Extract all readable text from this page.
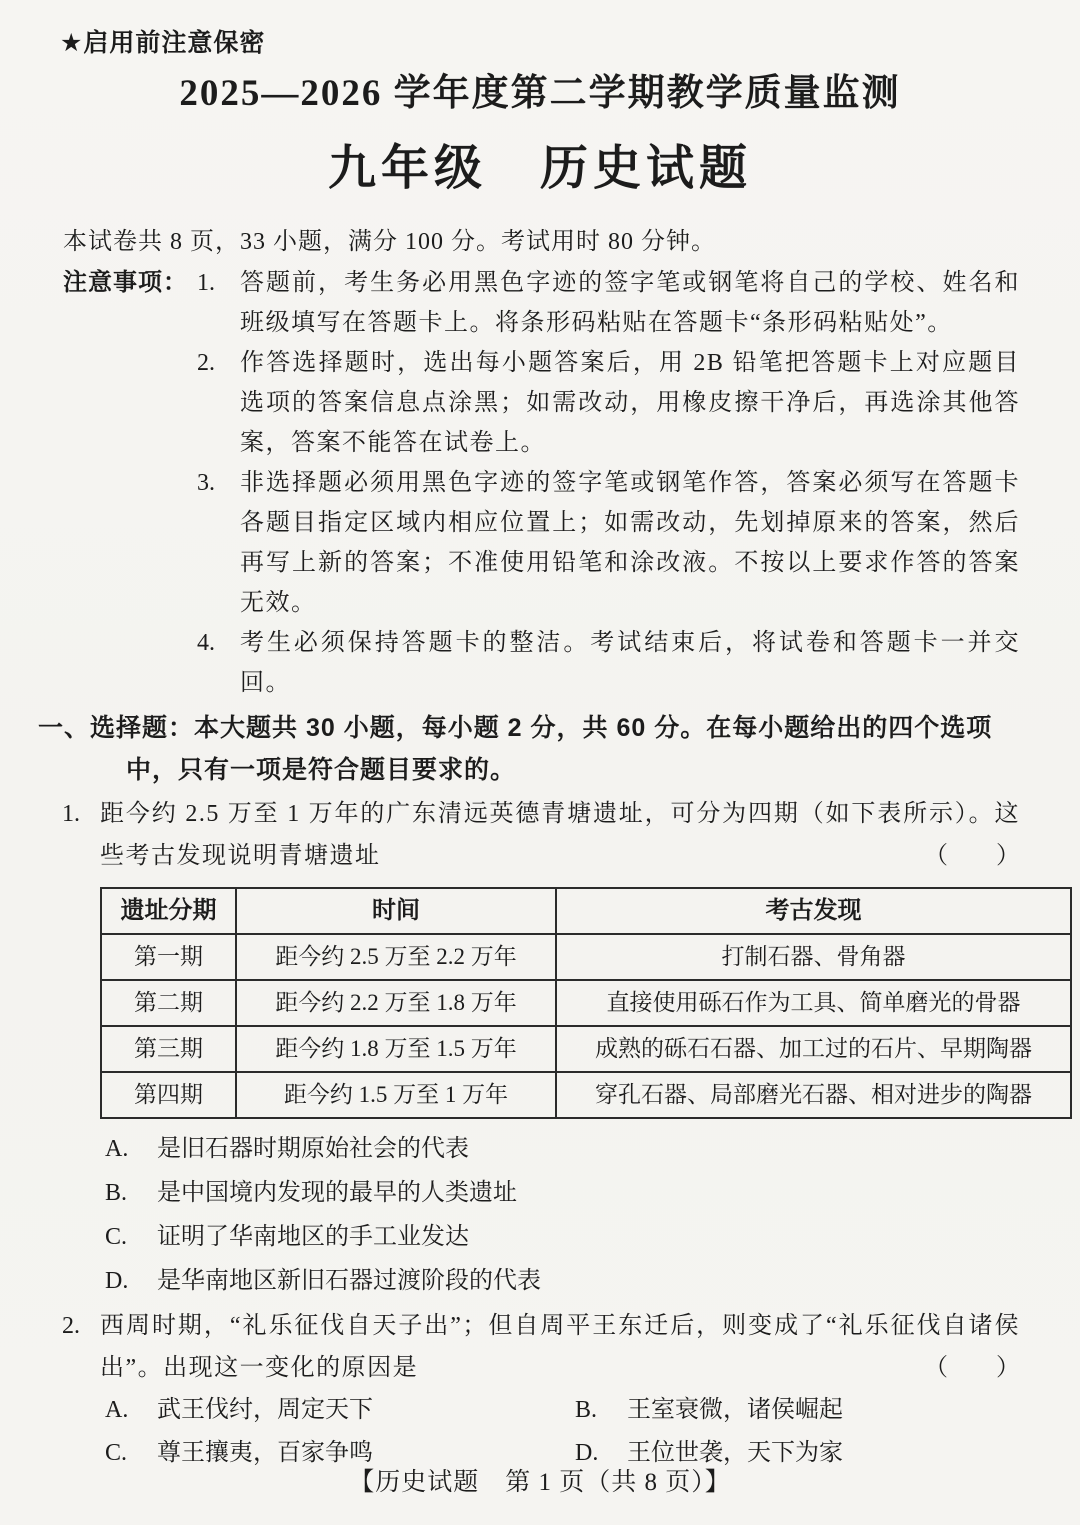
★启用前注意保密
2025—2026 学年度第二学期教学质量监测
九年级　历史试题

本试卷共 8 页，33 小题，满分 100 分。考试用时 80 分钟。

注意事项： 1.	答题前，考生务必用黑色字迹的签字笔或钢笔将自己的学校、姓名和班级填写在答题卡上。将条形码粘贴在答题卡“条形码粘贴处”。
2.	作答选择题时，选出每小题答案后，用 2B 铅笔把答题卡上对应题目选项的答案信息点涂黑；如需改动，用橡皮擦干净后，再选涂其他答案，答案不能答在试卷上。
3.	非选择题必须用黑色字迹的签字笔或钢笔作答，答案必须写在答题卡各题目指定区域内相应位置上；如需改动，先划掉原来的答案，然后再写上新的答案；不准使用铅笔和涂改液。不按以上要求作答的答案无效。
4.	考生必须保持答题卡的整洁。考试结束后，将试卷和答题卡一并交回。
一、选择题：本大题共 30 小题，每小题 2 分，共 60 分。在每小题给出的四个选项中，只有一项是符合题目要求的。
1. 距今约 2.5 万至 1 万年的广东清远英德青塘遗址，可分为四期（如下表所示）。这些考古发现说明青塘遗址	（　　）
遗址分期	时间	考古发现
第一期	距今约 2.5 万至 2.2 万年	打制石器、骨角器
第二期	距今约 2.2 万至 1.8 万年	直接使用砾石作为工具、简单磨光的骨器
第三期	距今约 1.8 万至 1.5 万年	成熟的砾石石器、加工过的石片、早期陶器
第四期	距今约 1.5 万至 1 万年	穿孔石器、局部磨光石器、相对进步的陶器
A. 是旧石器时期原始社会的代表
B. 是中国境内发现的最早的人类遗址
C. 证明了华南地区的手工业发达
D. 是华南地区新旧石器过渡阶段的代表
2. 西周时期，“礼乐征伐自天子出”；但自周平王东迁后，则变成了“礼乐征伐自诸侯出”。出现这一变化的原因是	（　　）
A. 武王伐纣，周定天下	B. 王室衰微，诸侯崛起
C. 尊王攘夷，百家争鸣	D. 王位世袭，天下为家
【历史试题　第 1 页（共 8 页）】
